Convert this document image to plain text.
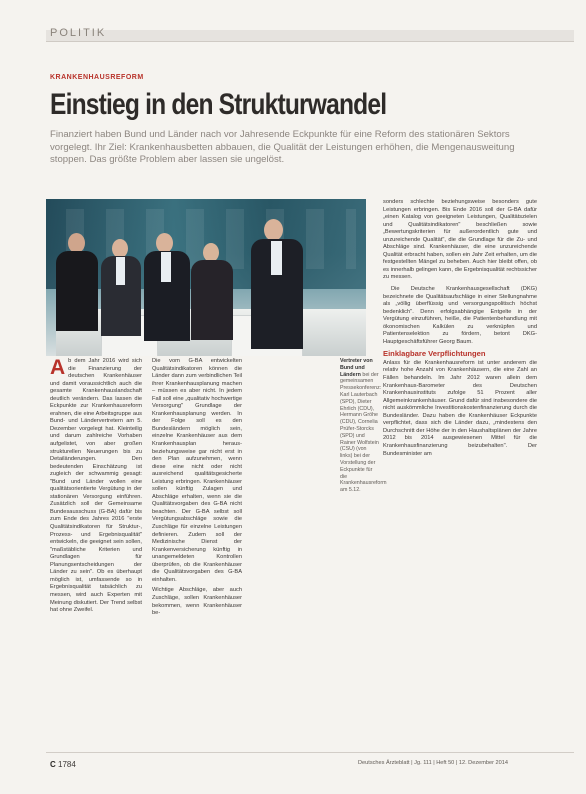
POLITIK
KRANKENHAUSREFORM
Einstieg in den Strukturwandel
Finanziert haben Bund und Länder nach vor Jahresende Eckpunkte für eine Reform des stationären Sektors vorgelegt. Ihr Ziel: Krankenhausbetten abbauen, die Qualität der Leistungen erhöhen, die Mengenausweitung stoppen. Das größte Problem aber lassen sie ungelöst.
Vertreter von Bund und Ländern bei der gemeinsamen Pressekonferenz: Karl Lauterbach (SPD), Dieter Ehrlich (CDU), Hermann Gröhe (CDU), Cornelia Prüfer-Storcks (SPD) und Rainer Wolfstein (CSU) (von links) bei der Vorstellung der Eckpunkte für die Krankenhausreform am 5.12.
A b dem Jahr 2016 wird sich die Finanzierung der deutschen Krankenhäuser und damit voraussichtlich auch die gesamte Krankenhauslandschaft deutlich verändern. Das lassen die Eckpunkte zur Krankenhausreform erahnen, die eine Arbeitsgruppe aus Bund- und Ländervertretern am 5. Dezember vorgelegt hat. Kleinteilig und darum zahlreiche Vorhaben aufgelistet, von aber großen strukturellen Neuerungen bis zu Detailänderungen. Den bedeutenden Einschätzung ist zugleich der schwammig gesagt: "Bund und Länder wollen eine qualitätsorientierte Vergütung in der stationären Versorgung einführen. Zusätzlich soll der Gemeinsame Bundesausschuss (G-BA) dafür bis zum Ende des Jahres 2016 "erste Qualitätsindikatoren für Struktur-, Prozess- und Ergebnisqualität" entwickeln, die geeignet sein sollen, "maßstäbliche Kriterien und Grundlagen für Planungsentscheidungen der Länder zu sein". Ob es überhaupt möglich ist, umfassende so in Ergebnisqualität tatsächlich zu messen, wird auch Experten mit Meinung diskutiert. Der Trend selbst hat ohne Zweifel.
Die vom G-BA entwickelten Qualitätsindikatoren können die Länder dann zum verbindlichen Teil ihrer Krankenhausplanung machen – müssen es aber nicht. In jedem Fall soll eine „qualitativ hochwertige Versorgung" Grundlage der Krankenhausplanung werden. In der Folge soll es den Bundesländern möglich sein, einzelne Krankenhäuser aus dem Krankenhausplan heraus- beziehungsweise gar nicht erst in den Plan aufzunehmen, wenn diese eine nicht oder nicht ausreichend qualitätsgesicherte Leistung erbringen. Krankenhäuser sollen künftig Zulagen und Abschläge erhalten, wenn sie die Qualitätsvorgaben des G-BA nicht beachten. Der G-BA selbst soll Vergütungsabschläge sowie die Zuschläge für einzelne Leistungen definieren. Zudem soll der Medizinische Dienst der Krankenversicherung künftig in unangemeldeten Kontrollen überprüfen, ob die Krankenhäuser die Qualitätsvorgaben des G-BA einhalten.
Wichtige Abschläge, aber auch Zuschläge, sollen Krankenhäuser bekommen, wenn Krankenhäuser be-
sonders schlechte beziehungsweise besonders gute Leistungen erbringen. Bis Ende 2016 soll der G-BA dafür „einen Katalog von geeigneten Leistungen, Qualitätszielen und Qualitätsindikatoren" beschließen sowie „Bewertungskriterien für außerordentlich gute und unzureichende Qualität", die die Grundlage für die Zu- und Abschläge sind. Krankenhäuser, die eine unzureichende Qualität erbracht haben, sollen ein Jahr Zeit erhalten, um die festgestellten Mängel zu beheben. Auch hier bleibt offen, ob es innerhalb gelingen kann, die Ergebnisqualität rechtssicher zu messen.
Die Deutsche Krankenhausgesellschaft (DKG) bezeichnete die Qualitätsaufschläge in einer Stellungnahme als „völlig überflüssig und versorgungspolitisch höchst bedenklich". Denn erfolgsabhängige Entgelte in der Vergütung einzuführen, heiße, die Patientenbehandlung mit ökonomischen Kalkülen zu verknüpfen und Patientenselektion zu fördern, betont DKG-Hauptgeschäftsführer Georg Baum.
Einklagbare Verpflichtungen
Anlass für die Krankenhausreform ist unter anderem die relativ hohe Anzahl von Krankenhäusern, die eine Zahl an Fällen behandeln. Im Jahr 2012 waren allein dem Krankenhaus-Barometer des Deutschen Krankenhausinstituts zufolge 51 Prozent aller Allgemeinkrankenhäuser. Grund dafür sind insbesondere die nicht auskömmliche Investitionskostenfinanzierung durch die Bundesländer. Dazu haben die Krankenhäuser Eckpunkte verpflichtet, dass sich die Länder dazu, „mindestens den Durchschnitt der Höhe der in den Haushaltsplänen der Jahre 2012 bis 2014 ausgewiesenen Mittel für die Krankenhausfinanzierung beizubehalten". Der Bundesminister am
C 1784	Deutsches Ärzteblatt | Jg. 111 | Heft 50 | 12. Dezember 2014
